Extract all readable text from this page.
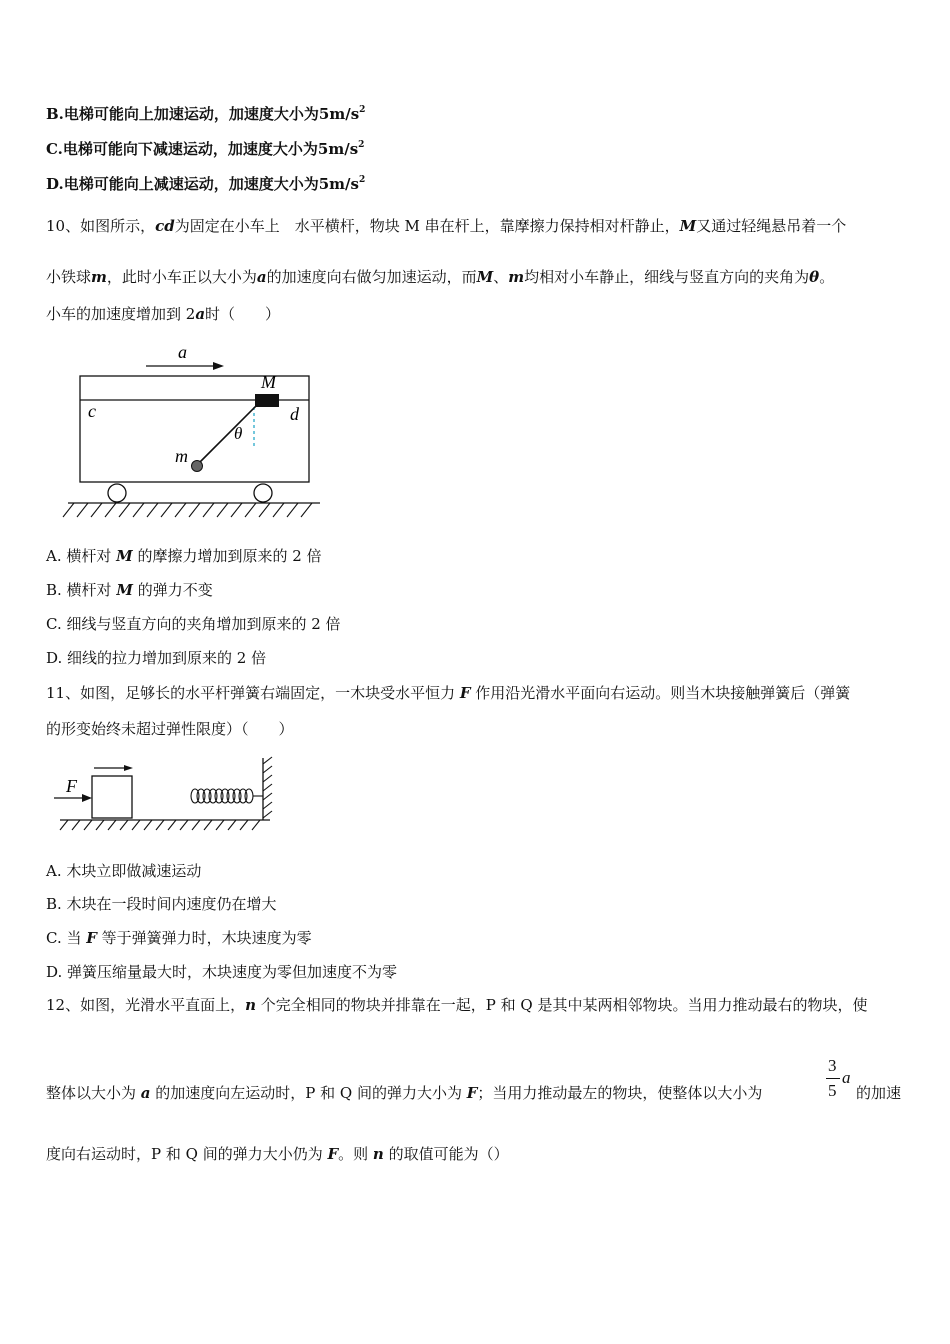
B.电梯可能向上加速运动，加速度大小为$5m/s^2$
C.电梯可能向下减速运动，加速度大小为$5m/s^2$
D.电梯可能向上减速运动，加速度大小为$5m/s^2$
10、如图所示，cd为固定在小车上　水平横杆，物块 M 串在杆上，靠摩擦力保持相对杆静止，M又通过轻绳悬吊着一个
小铁球m，此时小车正以大小为a的加速度向右做匀加速运动，而M、m均相对小车静止，细线与竖直方向的夹角为θ。
小车的加速度增加到 2a时（　　）
a
c	d
M
m
θ
A. 横杆对 M 的摩擦力增加到原来的 2 倍
B. 横杆对 M 的弹力不变
C. 细线与竖直方向的夹角增加到原来的 2 倍
D. 细线的拉力增加到原来的 2 倍
11、如图，足够长的水平杆弹簧右端固定，一木块受水平恒力 F 作用沿光滑水平面向右运动。则当木块接触弹簧后（弹簧
的形变始终未超过弹性限度）（　　）
F
A. 木块立即做减速运动
B. 木块在一段时间内速度仍在增大
C. 当 F 等于弹簧弹力时，木块速度为零
D. 弹簧压缩量最大时，木块速度为零但加速度不为零
12、如图，光滑水平直面上，n 个完全相同的物块并排靠在一起，P 和 Q 是其中某两相邻物块。当用力推动最右的物块，使
整体以大小为 a 的加速度向左运动时，P 和 Q 间的弹力大小为 F；当用力推动最左的物块，使整体以大小为
3
5
a
的加速
度向右运动时，P 和 Q 间的弹力大小仍为 F。则 n 的取值可能为（）
